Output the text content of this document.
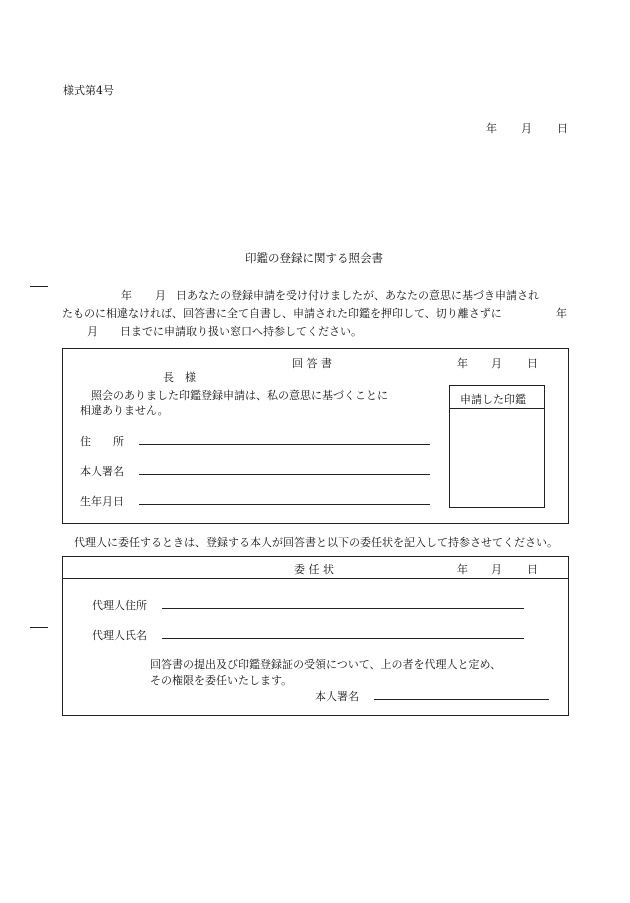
様式第4号
年 月 日
印鑑の登録に関する照会書
年 月 日あなたの登録申請を受け付けましたが、あなたの意思に基づき申請され
たものに相違なければ、回答書に全て自書し、申請された印鑑を押印して、切り離さずに	年
月 日までに申請取り扱い窓口へ持参してください。
回 答 書	年 月 日
長　様
照会のありました印鑑登録申請は、私の意思に基づくことに
相違ありません。
住　　所
本人署名
生年月日
申請した印鑑
代理人に委任するときは、登録する本人が回答書と以下の委任状を記入して持参させてください。
委 任 状	年 月 日
代理人住所
代理人氏名
回答書の提出及び印鑑登録証の受領について、上の者を代理人と定め、
その権限を委任いたします。
本人署名
